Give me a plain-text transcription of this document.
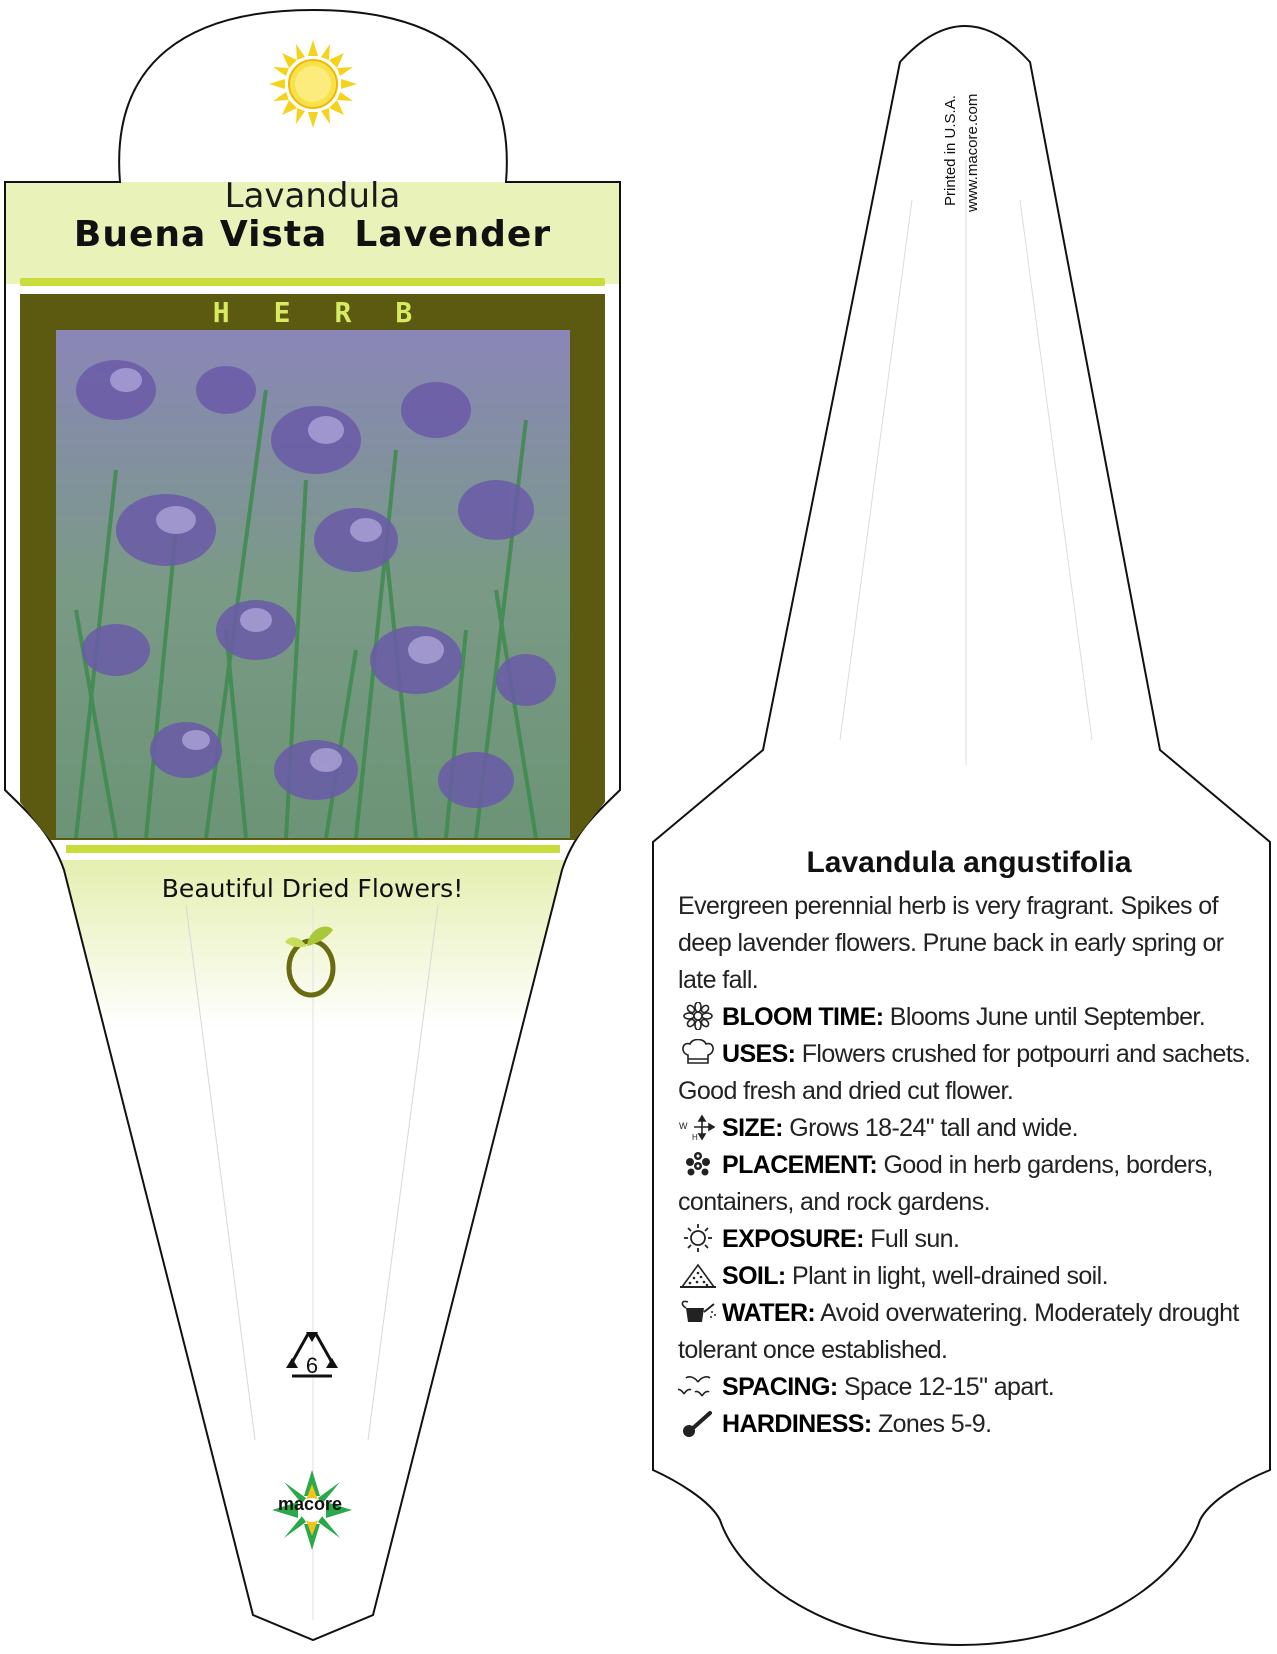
Lavandula
Buena Vista  Lavender
HERB
Beautiful Dried Flowers!
6
macore
Printed in U.S.A. www.macore.com
Lavandula angustifolia
Evergreen perennial herb is very fragrant. Spikes of deep lavender flowers. Prune back in early spring or late fall.
BLOOM TIME: Blooms June until September.
USES: Flowers crushed for potpourri and sachets. Good fresh and dried cut flower.
W
H SIZE: Grows 18-24" tall and wide.
PLACEMENT: Good in herb gardens, borders, containers, and rock gardens.
EXPOSURE: Full sun.
SOIL: Plant in light, well-drained soil.
WATER: Avoid overwatering. Moderately drought tolerant once established.
SPACING: Space 12-15" apart.
HARDINESS: Zones 5-9.
